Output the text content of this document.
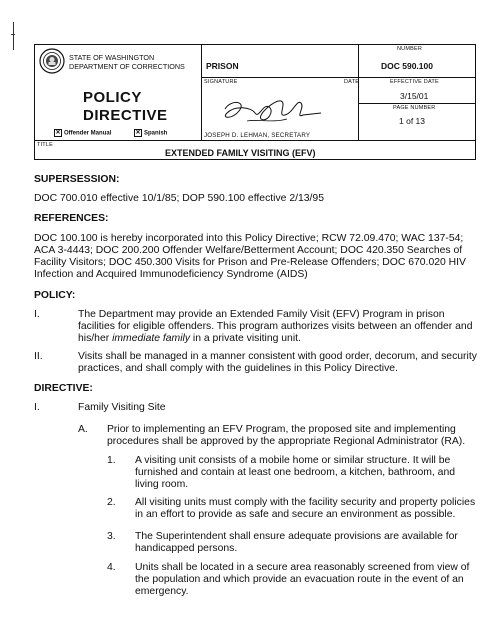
STATE OF WASHINGTON
DEPARTMENT OF CORRECTIONS
POLICY
DIRECTIVE
✕ Offender Manual	✕ Spanish
PRISON
NUMBER
DOC 590.100
SIGNATURE	DATE
JOSEPH D. LEHMAN, SECRETARY
EFFECTIVE DATE
3/15/01
PAGE NUMBER
1 of 13
TITLE
EXTENDED FAMILY VISITING (EFV)
SUPERSESSION:
DOC 700.010 effective 10/1/85; DOP 590.100 effective 2/13/95
REFERENCES:
DOC 100.100 is hereby incorporated into this Policy Directive; RCW 72.09.470; WAC 137-54;
ACA 3-4443; DOC 200.200 Offender Welfare/Betterment Account; DOC 420.350 Searches of
Facility Visitors; DOC 450.300 Visits for Prison and Pre-Release Offenders; DOC 670.020 HIV
Infection and Acquired Immunodeficiency Syndrome (AIDS)
POLICY:
I.	The Department may provide an Extended Family Visit (EFV) Program in prison
facilities for eligible offenders. This program authorizes visits between an offender and
his/her immediate family in a private visiting unit.
II.	Visits shall be managed in a manner consistent with good order, decorum, and security
practices, and shall comply with the guidelines in this Policy Directive.
DIRECTIVE:
I.	Family Visiting Site
A. Prior to implementing an EFV Program, the proposed site and implementing
procedures shall be approved by the appropriate Regional Administrator (RA).
1. A visiting unit consists of a mobile home or similar structure. It will be
furnished and contain at least one bedroom, a kitchen, bathroom, and
living room.
2. All visiting units must comply with the facility security and property policies
in an effort to provide as safe and secure an environment as possible.
3. The Superintendent shall ensure adequate provisions are available for
handicapped persons.
4. Units shall be located in a secure area reasonably screened from view of
the population and which provide an evacuation route in the event of an
emergency.
